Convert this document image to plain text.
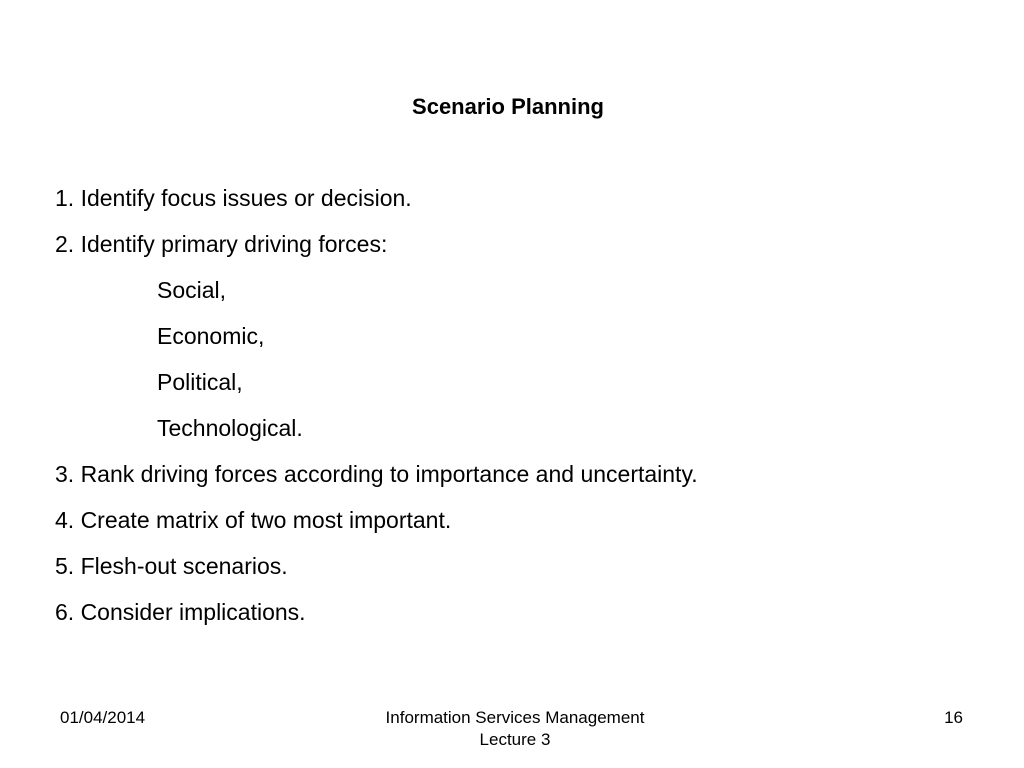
Scenario Planning
1. Identify focus issues or decision.
2. Identify primary driving forces:
Social,
Economic,
Political,
Technological.
3. Rank driving forces according to importance and uncertainty.
4. Create matrix of two most important.
5. Flesh-out scenarios.
6. Consider implications.
01/04/2014	Information Services Management
Lecture 3
16
